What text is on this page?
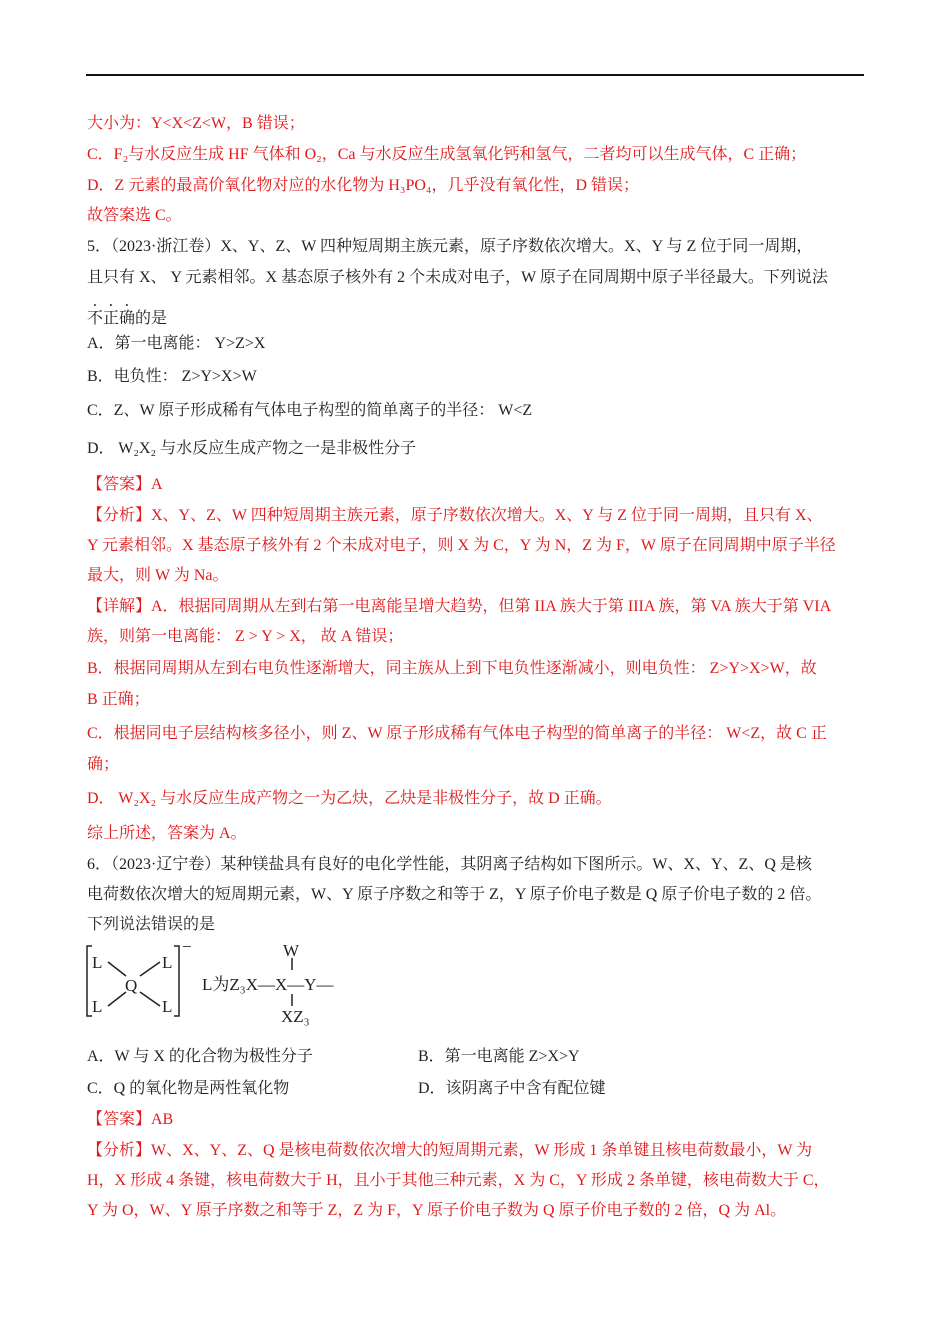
大小为：Y<X<Z<W，B 错误；
C．F₂与水反应生成 HF 气体和 O₂，Ca 与水反应生成氢氧化钙和氢气，二者均可以生成气体，C 正确；
D．Z 元素的最高价氧化物对应的水化物为 H₃PO₄，几乎没有氧化性，D 错误；
故答案选 C。
5．（2023·浙江卷）X、Y、Z、W 四种短周期主族元素，原子序数依次增大。X、Y 与 Z 位于同一周期，
且只有 X、 Y 元素相邻。X 基态原子核外有 2 个未成对电子，W 原子在同周期中原子半径最大。下列说法
不正确的是
A．第一电离能： Y>Z>X
B．电负性： Z>Y>X>W
C．Z、W 原子形成稀有气体电子构型的简单离子的半径： W<Z
D． W₂X₂ 与水反应生成产物之一是非极性分子
【答案】A
【分析】X、Y、Z、W 四种短周期主族元素，原子序数依次增大。X、Y 与 Z 位于同一周期，且只有 X、
Y 元素相邻。X 基态原子核外有 2 个未成对电子，则 X 为 C，Y 为 N，Z 为 F，W 原子在同周期中原子半径
最大，则 W 为 Na。
【详解】A．根据同周期从左到右第一电离能呈增大趋势，但第 IIA 族大于第 IIIA 族，第 VA 族大于第 VIA
族，则第一电离能： Z > Y > X， 故 A 错误；
B．根据同周期从左到右电负性逐渐增大，同主族从上到下电负性逐渐减小，则电负性： Z>Y>X>W，故
B 正确；
C．根据同电子层结构核多径小，则 Z、W 原子形成稀有气体电子构型的简单离子的半径： W<Z，故 C 正
确；
D． W₂X₂ 与水反应生成产物之一为乙炔，乙炔是非极性分子，故 D 正确。
综上所述，答案为 A。
6．（2023·辽宁卷）某种镁盐具有良好的电化学性能，其阴离子结构如下图所示。W、X、Y、Z、Q 是核
电荷数依次增大的短周期元素，W、Y 原子序数之和等于 Z，Y 原子价电子数是 Q 原子价电子数的 2 倍。
下列说法错误的是
L	L
L	L
Q
−
L为Z₃X—X—Y—
W
XZ₃
A．W 与 X 的化合物为极性分子	B．第一电离能 Z>X>Y
C．Q 的氧化物是两性氧化物	D．该阴离子中含有配位键
【答案】AB
【分析】W、X、Y、Z、Q 是核电荷数依次增大的短周期元素，W 形成 1 条单键且核电荷数最小，W 为
H，X 形成 4 条键，核电荷数大于 H，且小于其他三种元素，X 为 C，Y 形成 2 条单键，核电荷数大于 C，
Y 为 O，W、Y 原子序数之和等于 Z，Z 为 F，Y 原子价电子数为 Q 原子价电子数的 2 倍，Q 为 Al。
